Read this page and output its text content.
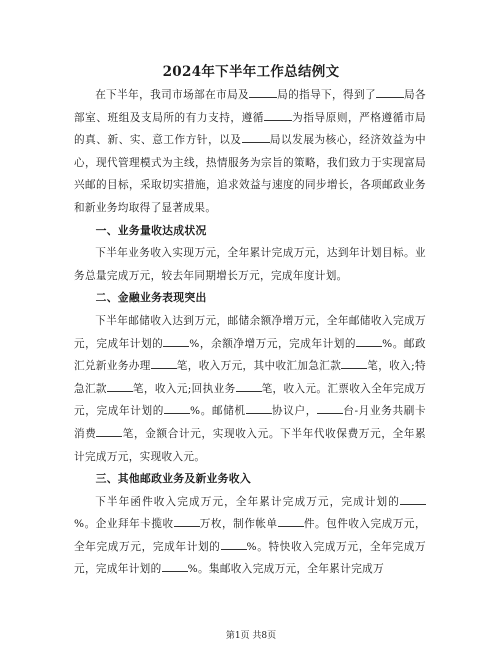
2024年下半年工作总结例文

在下半年，我司市场部在市局及	局的指导下，得到了	局各部室、班组及支局所的有力支持，遵循	为指导原则，严格遵循市局的真、新、实、意工作方针，以及	局以发展为核心，经济效益为中心，现代管理模式为主线，热情服务为宗旨的策略，我们致力于实现富局兴邮的目标，采取切实措施，追求效益与速度的同步增长，各项邮政业务和新业务均取得了显著成果。

一、业务量收达成状况

下半年业务收入实现万元，全年累计完成万元，达到年计划目标。业务总量完成万元，较去年同期增长万元，完成年度计划。

二、金融业务表现突出

下半年邮储收入达到万元，邮储余额净增万元，全年邮储收入完成万元，完成年计划的 %，余额净增万元，完成年计划的 %。邮政汇兑新业务办理 笔，收入万元，其中收汇加急汇款 笔，收入;特急汇款 笔，收入元;回执业务 笔，收入元。汇票收入全年完成万元，完成年计划的 %。邮储机 协议户， 台-月业务共刷卡消费 笔，金额合计元，实现收入元。下半年代收保费万元，全年累计完成万元，实现收入元。

三、其他邮政业务及新业务收入

下半年函件收入完成万元，全年累计完成万元，完成计划的%。企业拜年卡揽收 万枚，制作帐单 件。包件收入完成万元，全年完成万元，完成年计划的 %。特快收入完成万元，全年完成万元，完成年计划的 %。集邮收入完成万元，全年累计完成万

第1页 共8页
